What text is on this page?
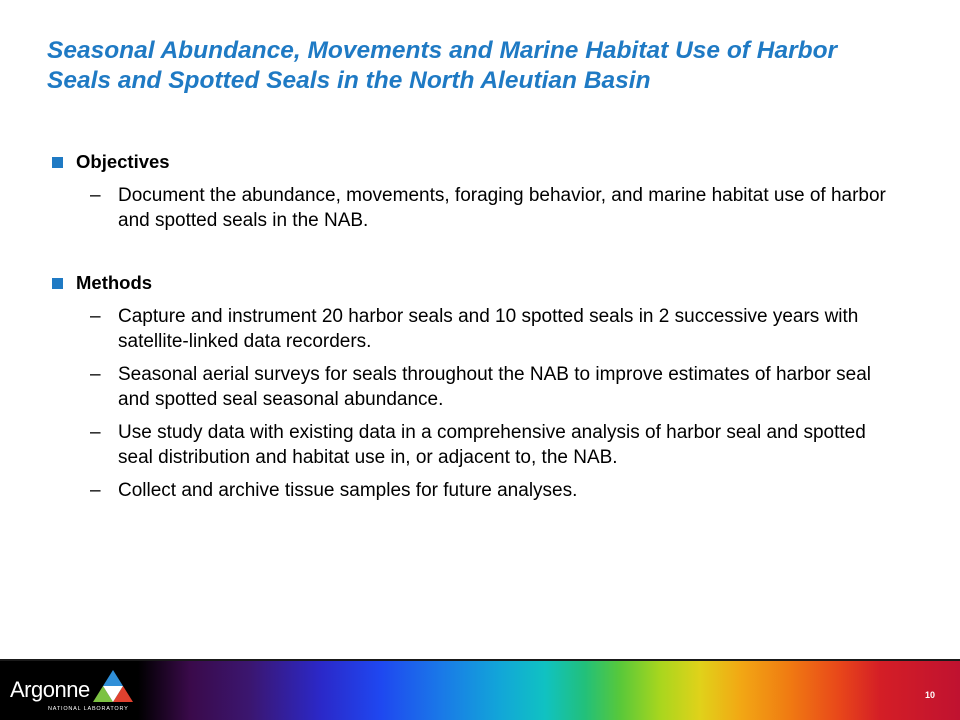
Seasonal Abundance, Movements and Marine Habitat Use of Harbor Seals and Spotted Seals in the North Aleutian Basin
Objectives
– Document the abundance, movements, foraging behavior, and marine habitat use of harbor and spotted seals in the NAB.
Methods
– Capture and instrument 20 harbor seals and 10 spotted seals in 2 successive years with satellite-linked data recorders.
– Seasonal aerial surveys for seals throughout the NAB to improve estimates of harbor seal and spotted seal seasonal abundance.
– Use study data with existing data in a comprehensive analysis of harbor seal and spotted seal distribution and habitat use in, or adjacent to, the NAB.
– Collect and archive tissue samples for future analyses.
Argonne
NATIONAL LABORATORY
10
